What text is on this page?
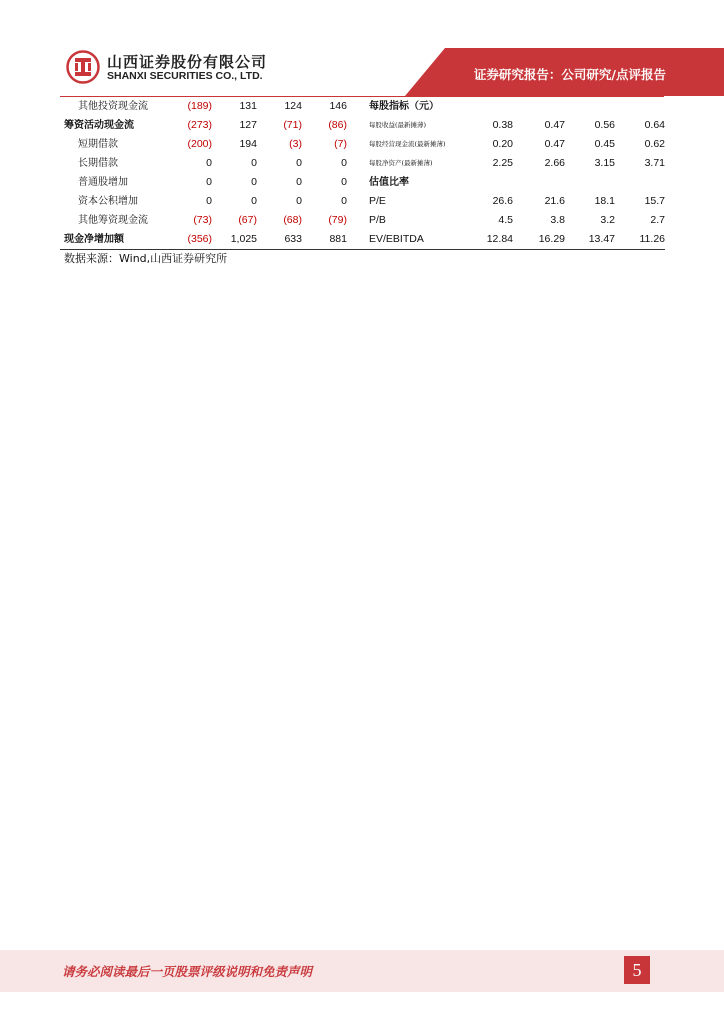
山西证券股份有限公司
SHANXI SECURITIES CO., LTD.	证券研究报告：公司研究/点评报告
其他投资现金流	(189)	131	124	146	每股指标（元）				
筹资活动现金流	(273)	127	(71)	(86)	每股收益(最新摊薄)	0.38	0.47	0.56	0.64
短期借款	(200)	194	(3)	(7)	每股经营现金流(最新摊薄)	0.20	0.47	0.45	0.62
长期借款	0	0	0	0	每股净资产(最新摊薄)	2.25	2.66	3.15	3.71
普通股增加	0	0	0	0	估值比率				
资本公积增加	0	0	0	0	P/E	26.6	21.6	18.1	15.7
其他筹资现金流	(73)	(67)	(68)	(79)	P/B	4.5	3.8	3.2	2.7
现金净增加额	(356)	1,025	633	881	EV/EBITDA	12.84	16.29	13.47	11.26
数据来源：Wind,山西证券研究所
请务必阅读最后一页股票评级说明和免责声明	5
